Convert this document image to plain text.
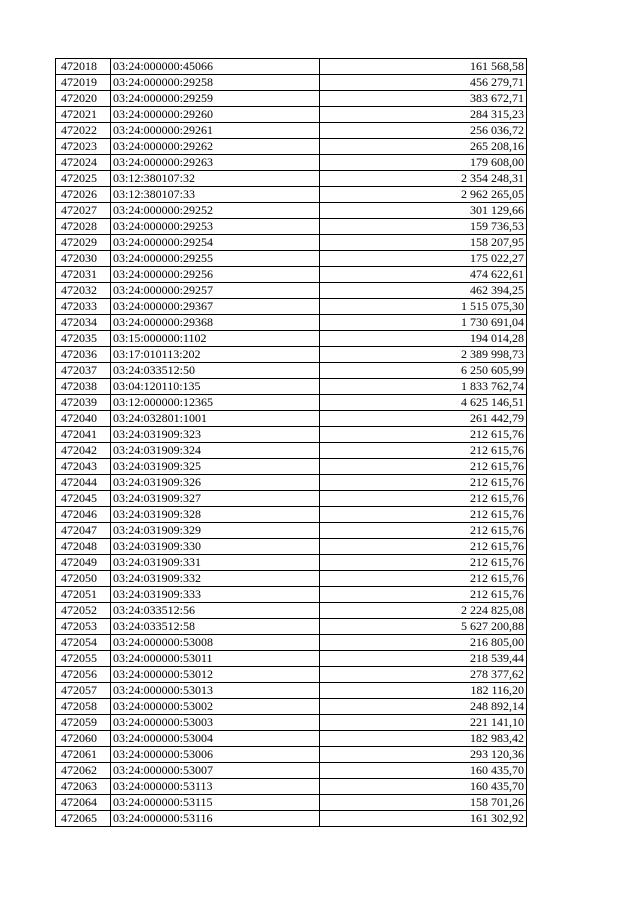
472018	03:24:000000:45066	161 568,58
472019	03:24:000000:29258	456 279,71
472020	03:24:000000:29259	383 672,71
472021	03:24:000000:29260	284 315,23
472022	03:24:000000:29261	256 036,72
472023	03:24:000000:29262	265 208,16
472024	03:24:000000:29263	179 608,00
472025	03:12:380107:32	2 354 248,31
472026	03:12:380107:33	2 962 265,05
472027	03:24:000000:29252	301 129,66
472028	03:24:000000:29253	159 736,53
472029	03:24:000000:29254	158 207,95
472030	03:24:000000:29255	175 022,27
472031	03:24:000000:29256	474 622,61
472032	03:24:000000:29257	462 394,25
472033	03:24:000000:29367	1 515 075,30
472034	03:24:000000:29368	1 730 691,04
472035	03:15:000000:1102	194 014,28
472036	03:17:010113:202	2 389 998,73
472037	03:24:033512:50	6 250 605,99
472038	03:04:120110:135	1 833 762,74
472039	03:12:000000:12365	4 625 146,51
472040	03:24:032801:1001	261 442,79
472041	03:24:031909:323	212 615,76
472042	03:24:031909:324	212 615,76
472043	03:24:031909:325	212 615,76
472044	03:24:031909:326	212 615,76
472045	03:24:031909:327	212 615,76
472046	03:24:031909:328	212 615,76
472047	03:24:031909:329	212 615,76
472048	03:24:031909:330	212 615,76
472049	03:24:031909:331	212 615,76
472050	03:24:031909:332	212 615,76
472051	03:24:031909:333	212 615,76
472052	03:24:033512:56	2 224 825,08
472053	03:24:033512:58	5 627 200,88
472054	03:24:000000:53008	216 805,00
472055	03:24:000000:53011	218 539,44
472056	03:24:000000:53012	278 377,62
472057	03:24:000000:53013	182 116,20
472058	03:24:000000:53002	248 892,14
472059	03:24:000000:53003	221 141,10
472060	03:24:000000:53004	182 983,42
472061	03:24:000000:53006	293 120,36
472062	03:24:000000:53007	160 435,70
472063	03:24:000000:53113	160 435,70
472064	03:24:000000:53115	158 701,26
472065	03:24:000000:53116	161 302,92
